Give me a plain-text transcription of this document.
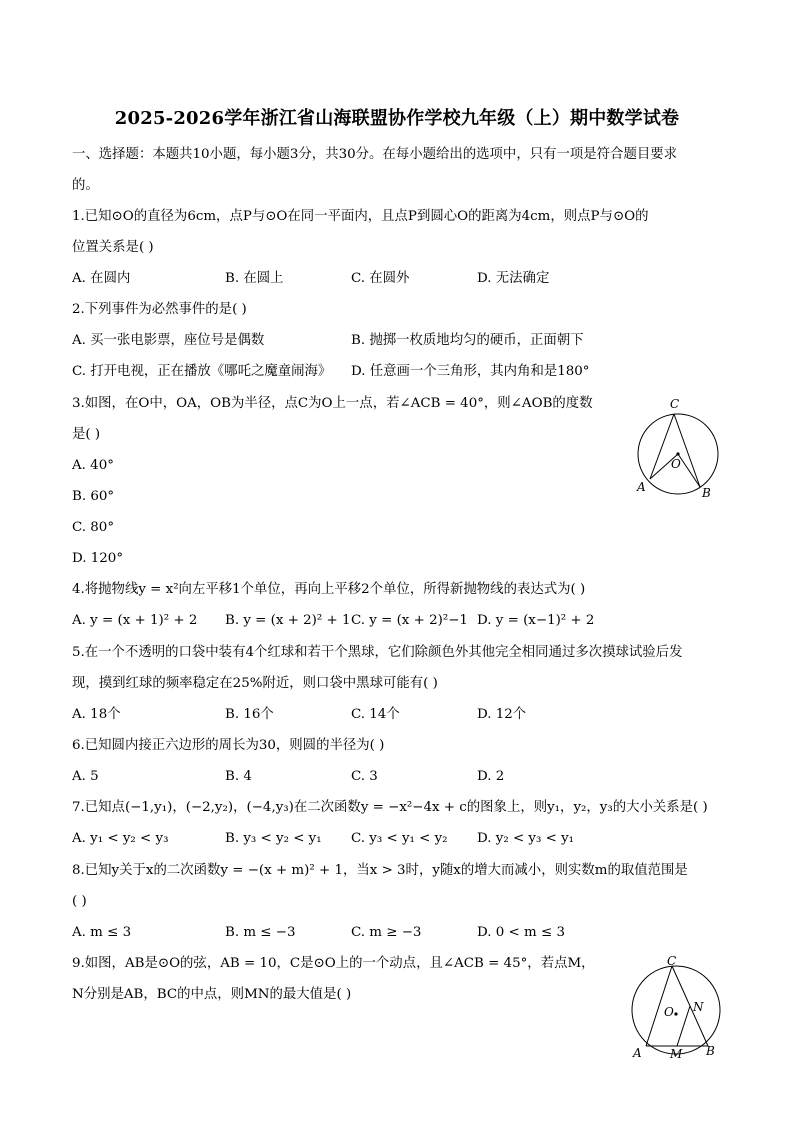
2025-2026学年浙江省山海联盟协作学校九年级（上）期中数学试卷
一、选择题：本题共10小题，每小题3分，共30分。在每小题给出的选项中，只有一项是符合题目要求
的。
1.已知⊙O的直径为6cm，点P与⊙O在同一平面内，且点P到圆心O的距离为4cm，则点P与⊙O的
位置关系是( )
A. 在圆内	B. 在圆上	C. 在圆外	D. 无法确定
2.下列事件为必然事件的是( )
A. 买一张电影票，座位号是偶数	B. 抛掷一枚质地均匀的硬币，正面朝下
C. 打开电视，正在播放《哪吒之魔童闹海》 D. 任意画一个三角形，其内角和是180°
3.如图，在O中，OA，OB为半径，点C为O上一点，若∠ACB = 40°，则∠AOB的度数
是( )
A. 40°
B. 60°
C. 80°
D. 120°
C
O
A	B
4.将抛物线y = x²向左平移1个单位，再向上平移2个单位，所得新抛物线的表达式为( )
A. y = (x + 1)² + 2 B. y = (x + 2)² + 1 C. y = (x + 2)²−1 D. y = (x−1)² + 2
5.在一个不透明的口袋中装有4个红球和若干个黑球，它们除颜色外其他完全相同通过多次摸球试验后发
现，摸到红球的频率稳定在25%附近，则口袋中黑球可能有( )
A. 18个	B. 16个	C. 14个	D. 12个
6.已知圆内接正六边形的周长为30，则圆的半径为( )
A. 5	B. 4	C. 3	D. 2
7.已知点(−1,y₁)，(−2,y₂)，(−4,y₃)在二次函数y = −x²−4x + c的图象上，则y₁，y₂，y₃的大小关系是( )
A. y₁ < y₂ < y₃	B. y₃ < y₂ < y₁ C. y₃ < y₁ < y₂ D. y₂ < y₃ < y₁
8.已知y关于x的二次函数y = −(x + m)² + 1，当x > 3时，y随x的增大而减小，则实数m的取值范围是
( )
A. m ≤ 3	B. m ≤ −3	C. m ≥ −3	D. 0 < m ≤ 3
9.如图，AB是⊙O的弦，AB = 10，C是⊙O上的一个动点，且∠ACB = 45°，若点M，
N分别是AB，BC的中点，则MN的最大值是( )
C
O N
A M B
